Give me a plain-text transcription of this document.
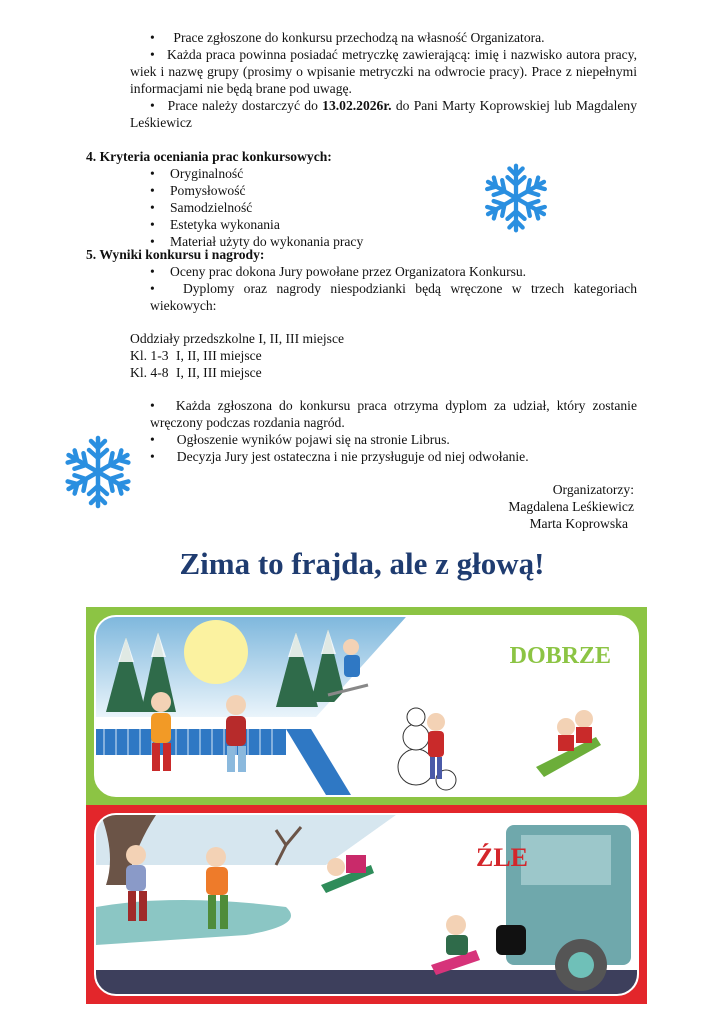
• Prace zgłoszone do konkursu przechodzą na własność Organizatora.
•   Każda praca powinna posiadać metryczkę zawierającą: imię i nazwisko autora pracy, wiek i nazwę grupy (prosimy o wpisanie metryczki na odwrocie pracy). Prace z niepełnymi informacjami nie będą brane pod uwagę.
•   Prace należy dostarczyć do 13.02.2026r. do Pani Marty Koprowskiej lub Magdaleny Leśkiewicz
4. Kryteria oceniania prac konkursowych:
• Oryginalność
• Pomysłowość
• Samodzielność
• Estetyka wykonania
• Materiał użyty do wykonania pracy
5. Wyniki konkursu i nagrody:
• Oceny prac dokona Jury powołane przez Organizatora Konkursu.
•   Dyplomy oraz nagrody niespodzianki będą wręczone w trzech kategoriach wiekowych:
Oddziały przedszkolne I, II, III miejsce
Kl. 1-3 I, II, III miejsce
Kl. 4-8 I, II, III miejsce
•   Każda zgłoszona do konkursu praca otrzyma dyplom za udział, który zostanie wręczony podczas rozdania nagród.
• Ogłoszenie wyników pojawi się na stronie Librus.
• Decyzja Jury jest ostateczna i nie przysługuje od niej odwołanie.
Organizatorzy:
Magdalena Leśkiewicz
Marta Koprowska
Zima to frajda, ale z głową!
DOBRZE
ŹLE
